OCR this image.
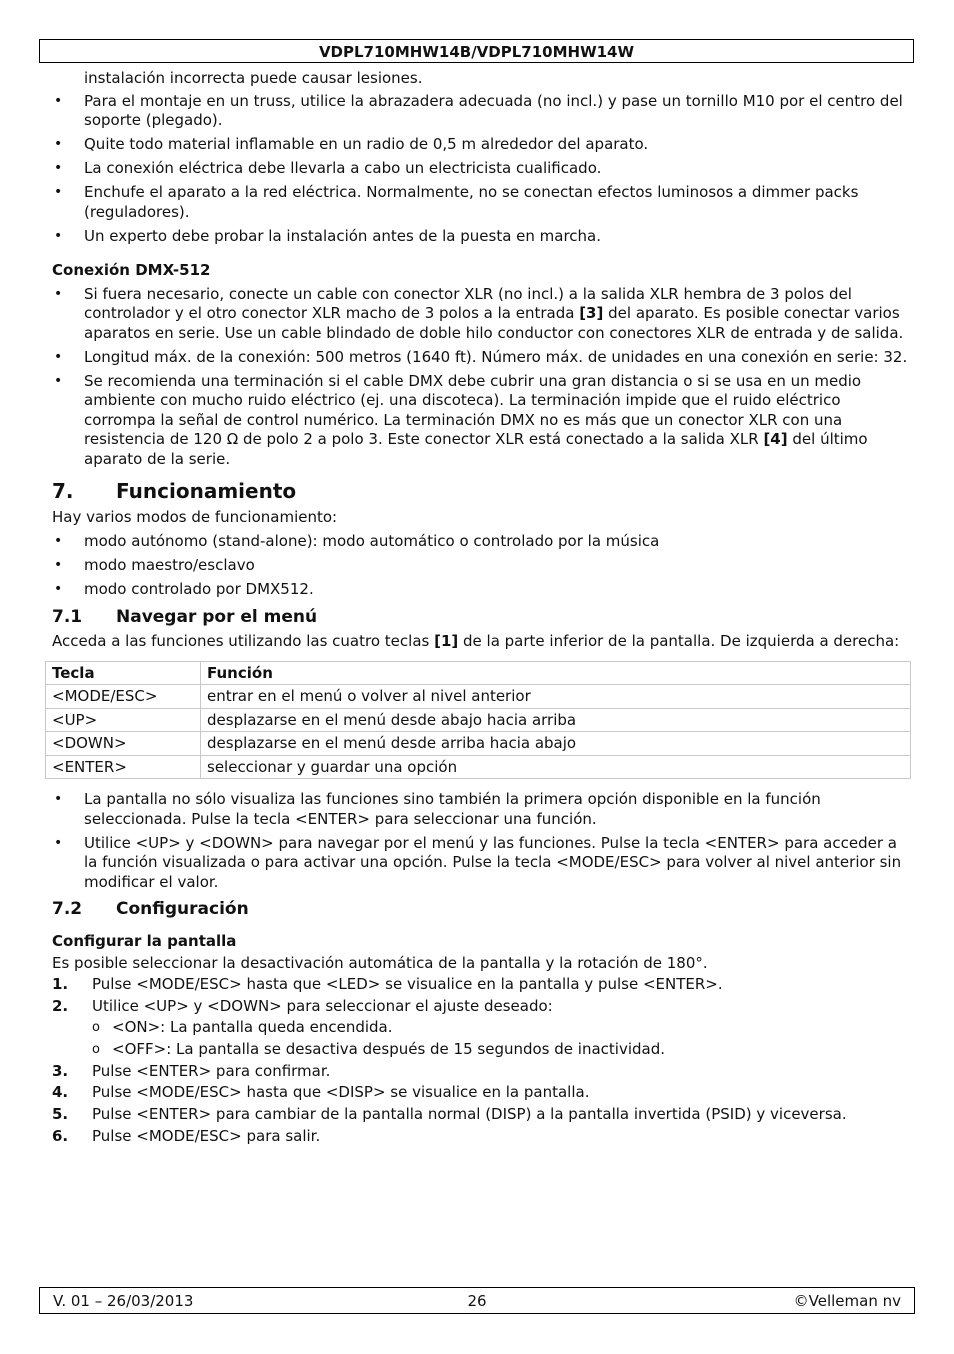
VDPL710MHW14B/VDPL710MHW14W
instalación incorrecta puede causar lesiones.
• Para el montaje en un truss, utilice la abrazadera adecuada (no incl.) y pase un tornillo M10 por el centro del soporte (plegado).
• Quite todo material inflamable en un radio de 0,5 m alrededor del aparato.
• La conexión eléctrica debe llevarla a cabo un electricista cualificado.
• Enchufe el aparato a la red eléctrica. Normalmente, no se conectan efectos luminosos a dimmer packs (reguladores).
• Un experto debe probar la instalación antes de la puesta en marcha.
Conexión DMX-512
• Si fuera necesario, conecte un cable con conector XLR (no incl.) a la salida XLR hembra de 3 polos del controlador y el otro conector XLR macho de 3 polos a la entrada [3] del aparato. Es posible conectar varios aparatos en serie. Use un cable blindado de doble hilo conductor con conectores XLR de entrada y de salida.
• Longitud máx. de la conexión: 500 metros (1640 ft). Número máx. de unidades en una conexión en serie: 32.
• Se recomienda una terminación si el cable DMX debe cubrir una gran distancia o si se usa en un medio ambiente con mucho ruido eléctrico (ej. una discoteca). La terminación impide que el ruido eléctrico corrompa la señal de control numérico. La terminación DMX no es más que un conector XLR con una resistencia de 120 Ω de polo 2 a polo 3. Este conector XLR está conectado a la salida XLR [4] del último aparato de la serie.
7. Funcionamiento

Hay varios modos de funcionamiento:

• modo autónomo (stand-alone): modo automático o controlado por la música
• modo maestro/esclavo
• modo controlado por DMX512.
7.1 Navegar por el menú

Acceda a las funciones utilizando las cuatro teclas [1] de la parte inferior de la pantalla. De izquierda a derecha:

Tecla	Función
<MODE/ESC>	entrar en el menú o volver al nivel anterior
<UP>	desplazarse en el menú desde abajo hacia arriba
<DOWN>	desplazarse en el menú desde arriba hacia abajo
<ENTER>	seleccionar y guardar una opción
• La pantalla no sólo visualiza las funciones sino también la primera opción disponible en la función seleccionada. Pulse la tecla <ENTER> para seleccionar una función.
• Utilice <UP> y <DOWN> para navegar por el menú y las funciones. Pulse la tecla <ENTER> para acceder a la función visualizada o para activar una opción. Pulse la tecla <MODE/ESC> para volver al nivel anterior sin modificar el valor.
7.2 Configuración
Configurar la pantalla

Es posible seleccionar la desactivación automática de la pantalla y la rotación de 180°.

1. Pulse <MODE/ESC> hasta que <LED> se visualice en la pantalla y pulse <ENTER>.
2. Utilice <UP> y <DOWN> para seleccionar el ajuste deseado:
o <ON>: La pantalla queda encendida.
o <OFF>: La pantalla se desactiva después de 15 segundos de inactividad.
3. Pulse <ENTER> para confirmar.
4. Pulse <MODE/ESC> hasta que <DISP> se visualice en la pantalla.
5. Pulse <ENTER> para cambiar de la pantalla normal (DISP) a la pantalla invertida (PSID) y viceversa.
6. Pulse <MODE/ESC> para salir.
V. 01 – 26/03/2013	26	©Velleman nv
